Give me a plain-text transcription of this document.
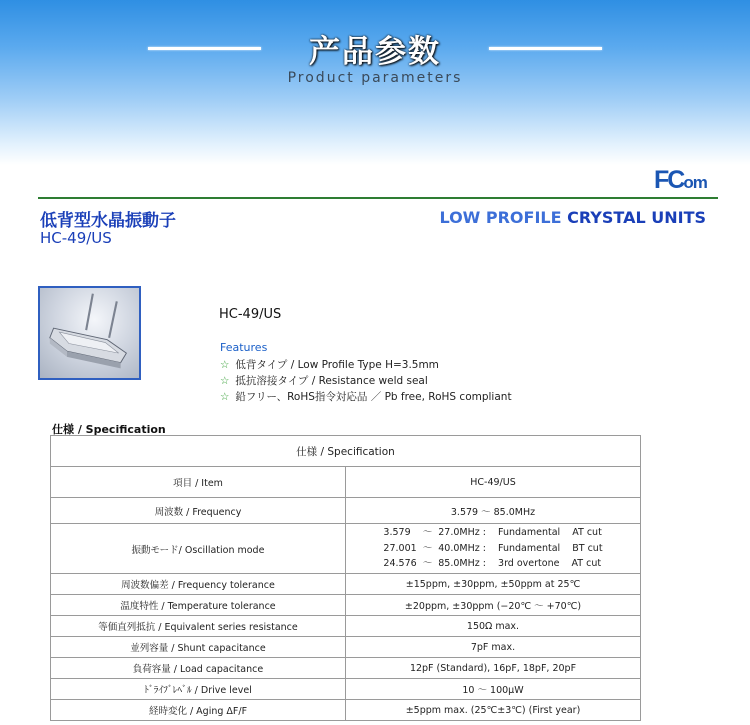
产品参数
Product parameters
FCom
低背型水晶振動子
HC-49/US
LOW PROFILE CRYSTAL UNITS
HC-49/US
Features
☆ 低背タイプ / Low Profile Type H=3.5mm
☆ 抵抗溶接タイプ / Resistance weld seal
☆ 鉛フリー、RoHS指令対応品 ／ Pb free, RoHS compliant
仕様 / Specification
仕様 / Specification	
項目 / Item	HC-49/US
周波数 / Frequency	3.579 〜 85.0MHz
振動モード/ Oscillation mode	3.579    〜  27.0MHz :    Fundamental    AT cut
27.001  〜  40.0MHz :    Fundamental    BT cut
24.576  〜  85.0MHz :    3rd overtone    AT cut

周波数偏差 / Frequency tolerance	±15ppm, ±30ppm, ±50ppm at 25℃
温度特性 / Temperature tolerance	±20ppm, ±30ppm (−20℃ 〜 +70℃)
等価直列抵抗 / Equivalent series resistance	150Ω max.
並列容量 / Shunt capacitance	7pF max.
負荷容量 / Load capacitance	12pF (Standard), 16pF, 18pF, 20pF
ﾄﾞﾗｲﾌﾞﾚﾍﾞﾙ / Drive level	10 〜 100μW
経時変化 / Aging ΔF/F	±5ppm max. (25℃±3℃) (First year)
